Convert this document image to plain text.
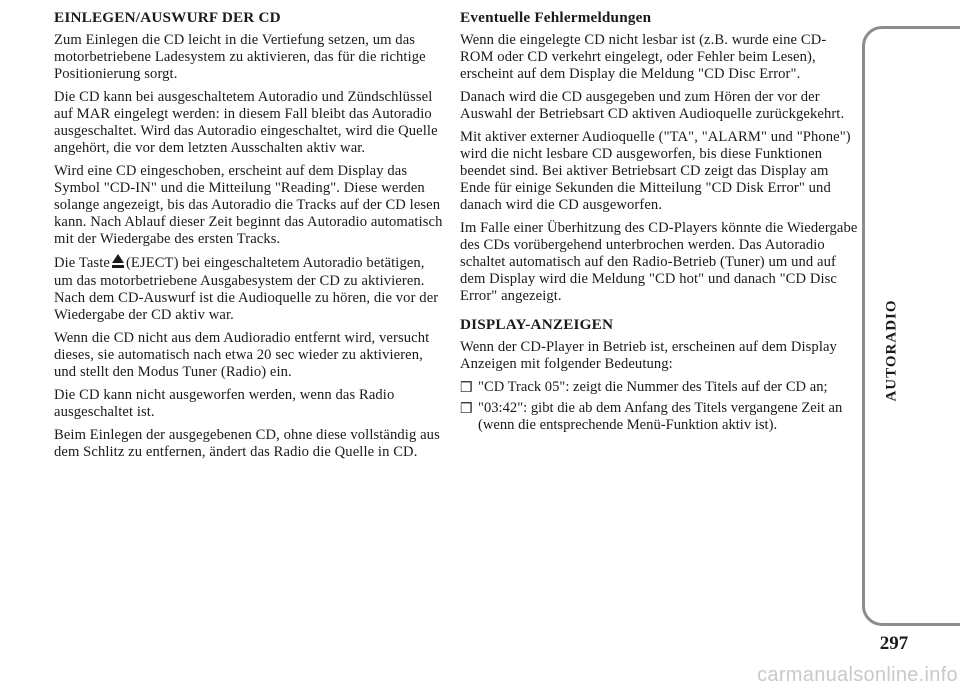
EINLEGEN/AUSWURF DER CD

Zum Einlegen die CD leicht in die Vertiefung setzen, um das motorbetriebene Ladesystem zu aktivieren, das für die richtige Positionierung sorgt.

Die CD kann bei ausgeschaltetem Autoradio und Zündschlüssel auf MAR eingelegt werden: in diesem Fall bleibt das Autoradio ausgeschaltet. Wird das Autoradio eingeschaltet, wird die Quelle angehört, die vor dem letzten Ausschalten aktiv war.

Wird eine CD eingeschoben, erscheint auf dem Display das Symbol "CD-IN" und die Mitteilung "Reading". Diese werden solange angezeigt, bis das Autoradio die Tracks auf der CD lesen kann. Nach Ablauf dieser Zeit beginnt das Autoradio automatisch mit der Wiedergabe des ersten Tracks.

Die Taste (EJECT) bei eingeschaltetem Autoradio betätigen, um das motorbetriebene Ausgabesystem der CD zu aktivieren. Nach dem CD-Auswurf ist die Audioquelle zu hören, die vor der Wiedergabe der CD aktiv war.

Wenn die CD nicht aus dem Audioradio entfernt wird, versucht dieses, sie automatisch nach etwa 20 sec wieder zu aktivieren, und stellt den Modus Tuner (Radio) ein.

Die CD kann nicht ausgeworfen werden, wenn das Radio ausgeschaltet ist.

Beim Einlegen der ausgegebenen CD, ohne diese vollständig aus dem Schlitz zu entfernen, ändert das Radio die Quelle in CD.

Eventuelle Fehlermeldungen

Wenn die eingelegte CD nicht lesbar ist (z.B. wurde eine CD-ROM oder CD verkehrt eingelegt, oder Fehler beim Lesen), erscheint auf dem Display die Meldung "CD Disc Error".

Danach wird die CD ausgegeben und zum Hören der vor der Auswahl der Betriebsart CD aktiven Audioquelle zurückgekehrt.

Mit aktiver externer Audioquelle ("TA", "ALARM" und "Phone") wird die nicht lesbare CD ausgeworfen, bis diese Funktionen beendet sind. Bei aktiver Betriebsart CD zeigt das Display am Ende für einige Sekunden die Mitteilung "CD Disk Error" und danach wird die CD ausgeworfen.

Im Falle einer Überhitzung des CD-Players könnte die Wiedergabe des CDs vorübergehend unterbrochen werden. Das Autoradio schaltet automatisch auf den Radio-Betrieb (Tuner) um und auf dem Display wird die Meldung "CD hot" und danach "CD Disc Error" angezeigt.

DISPLAY-ANZEIGEN

Wenn der CD-Player in Betrieb ist, erscheinen auf dem Display Anzeigen mit folgender Bedeutung:

❒ "CD Track 05": zeigt die Nummer des Titels auf der CD an;
❒ "03:42": gibt die ab dem Anfang des Titels vergangene Zeit an (wenn die entsprechende Menü-Funktion aktiv ist).
AUTORADIO
297
carmanualsonline.info
